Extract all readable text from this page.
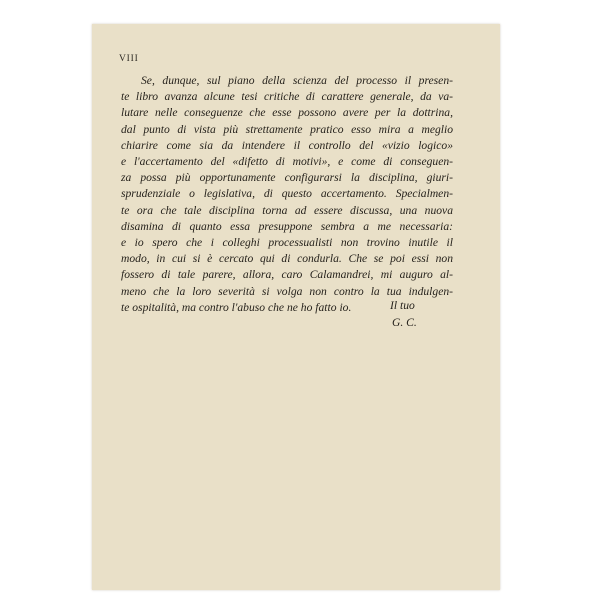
VIII
Se, dunque, sul piano della scienza del processo il presen-
te libro avanza alcune tesi critiche di carattere generale, da va-
lutare nelle conseguenze che esse possono avere per la dottrina,
dal punto di vista più strettamente pratico esso mira a meglio
chiarire come sia da intendere il controllo del «vizio logico»
e l'accertamento del «difetto di motivi», e come di conseguen-
za possa più opportunamente configurarsi la disciplina, giuri-
sprudenziale o legislativa, di questo accertamento. Specialmen-
te ora che tale disciplina torna ad essere discussa, una nuova
disamina di quanto essa presuppone sembra a me necessaria:
e io spero che i colleghi processualisti non trovino inutile il
modo, in cui si è cercato qui di condurla. Che se poi essi non
fossero di tale parere, allora, caro Calamandrei, mi auguro al-
meno che la loro severità si volga non contro la tua indulgen-
te ospitalità, ma contro l'abuso che ne ho fatto io.	Il tuo
G. C.
